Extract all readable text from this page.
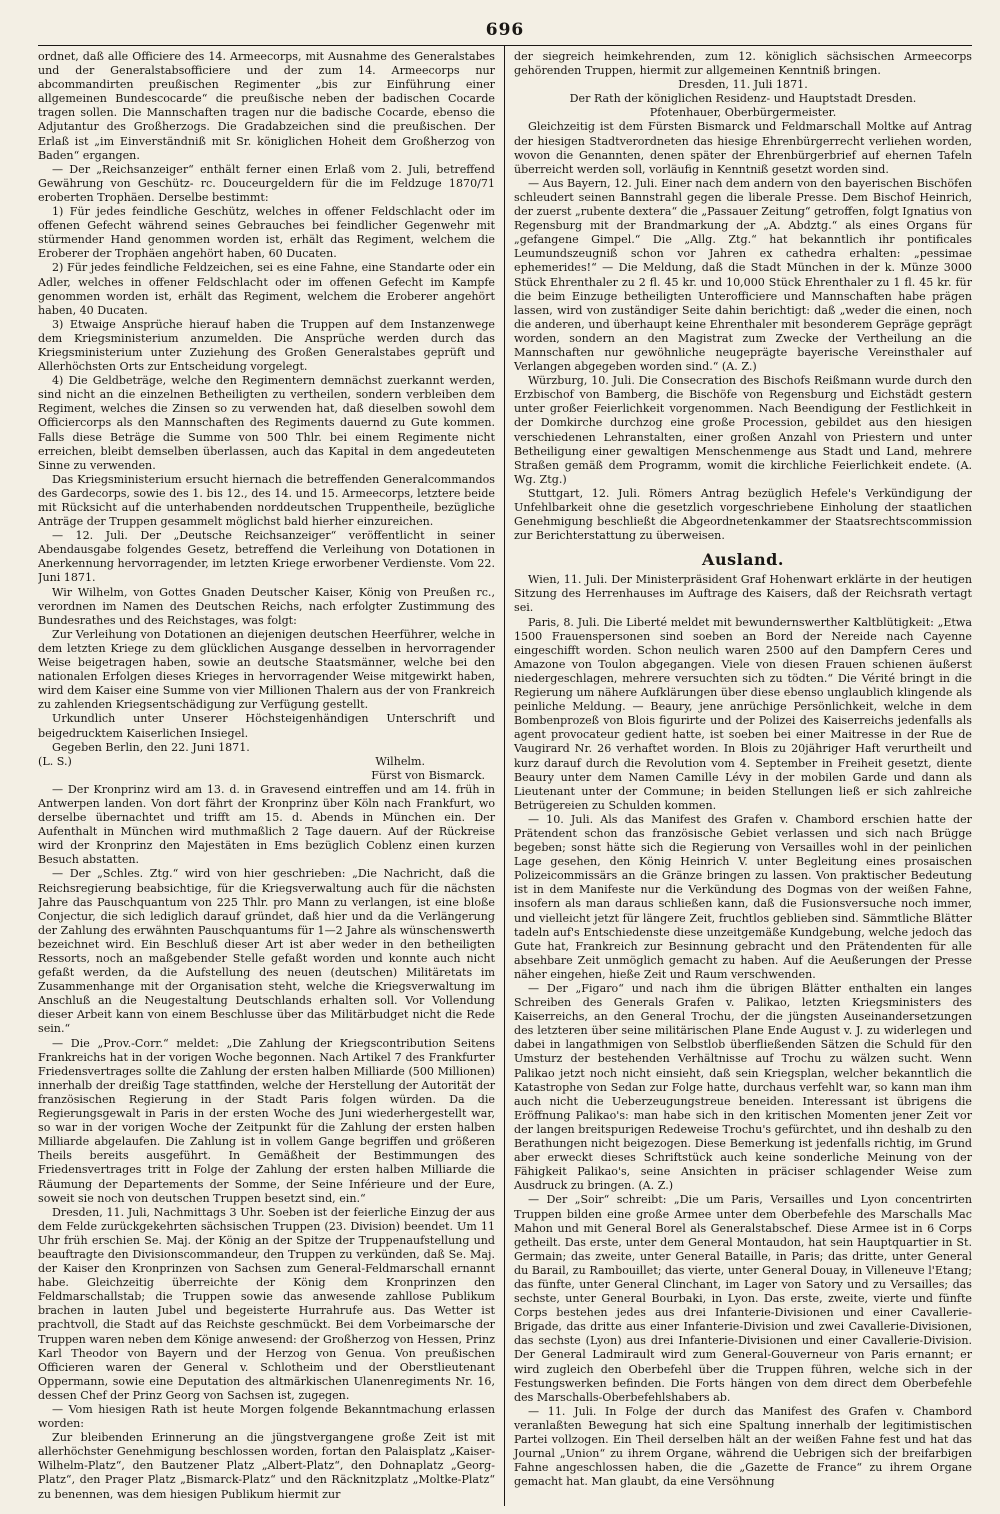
696

ordnet, daß alle Officiere des 14. Armeecorps, mit Ausnahme des Generalstabes und der Generalstabsofficiere und der zum 14. Armeecorps nur abcommandirten preußischen Regimenter „bis zur Einführung einer allgemeinen Bundescocarde“ die preußische neben der badischen Cocarde tragen sollen. Die Mannschaften tragen nur die badische Cocarde, ebenso die Adjutantur des Großherzogs. Die Gradabzeichen sind die preußischen. Der Erlaß ist „im Einverständniß mit Sr. königlichen Hoheit dem Großherzog von Baden“ ergangen.

— Der „Reichsanzeiger“ enthält ferner einen Erlaß vom 2. Juli, betreffend Gewährung von Geschütz- rc. Douceurgeldern für die im Feldzuge 1870/71 eroberten Trophäen. Derselbe bestimmt:

1) Für jedes feindliche Geschütz, welches in offener Feldschlacht oder im offenen Gefecht während seines Gebrauches bei feindlicher Gegenwehr mit stürmender Hand genommen worden ist, erhält das Regiment, welchem die Eroberer der Trophäen angehört haben, 60 Ducaten.

2) Für jedes feindliche Feldzeichen, sei es eine Fahne, eine Standarte oder ein Adler, welches in offener Feldschlacht oder im offenen Gefecht im Kampfe genommen worden ist, erhält das Regiment, welchem die Eroberer angehört haben, 40 Ducaten.

3) Etwaige Ansprüche hierauf haben die Truppen auf dem Instanzenwege dem Kriegsministerium anzumelden. Die Ansprüche werden durch das Kriegsministerium unter Zuziehung des Großen Generalstabes geprüft und Allerhöchsten Orts zur Entscheidung vorgelegt.

4) Die Geldbeträge, welche den Regimentern demnächst zuerkannt werden, sind nicht an die einzelnen Betheiligten zu vertheilen, sondern verbleiben dem Regiment, welches die Zinsen so zu verwenden hat, daß dieselben sowohl dem Officiercorps als den Mannschaften des Regiments dauernd zu Gute kommen. Falls diese Beträge die Summe von 500 Thlr. bei einem Regimente nicht erreichen, bleibt demselben überlassen, auch das Kapital in dem angedeuteten Sinne zu verwenden.

Das Kriegsministerium ersucht hiernach die betreffenden Generalcommandos des Gardecorps, sowie des 1. bis 12., des 14. und 15. Armeecorps, letztere beide mit Rücksicht auf die unterhabenden norddeutschen Truppentheile, bezügliche Anträge der Truppen gesammelt möglichst bald hierher einzureichen.

— 12. Juli. Der „Deutsche Reichsanzeiger“ veröffentlicht in seiner Abendausgabe folgendes Gesetz, betreffend die Verleihung von Dotationen in Anerkennung hervorragender, im letzten Kriege erworbener Verdienste. Vom 22. Juni 1871.

Wir Wilhelm, von Gottes Gnaden Deutscher Kaiser, König von Preußen rc., verordnen im Namen des Deutschen Reichs, nach erfolgter Zustimmung des Bundesrathes und des Reichstages, was folgt:

Zur Verleihung von Dotationen an diejenigen deutschen Heerführer, welche in dem letzten Kriege zu dem glücklichen Ausgange desselben in hervorragender Weise beigetragen haben, sowie an deutsche Staatsmänner, welche bei den nationalen Erfolgen dieses Krieges in hervorragender Weise mitgewirkt haben, wird dem Kaiser eine Summe von vier Millionen Thalern aus der von Frankreich zu zahlenden Kriegsentschädigung zur Verfügung gestellt.

Urkundlich unter Unserer Höchsteigenhändigen Unterschrift und beigedrucktem Kaiserlichen Insiegel.

Gegeben Berlin, den 22. Juni 1871.

(L. S.)	Wilhelm.

Fürst von Bismarck.

— Der Kronprinz wird am 13. d. in Gravesend eintreffen und am 14. früh in Antwerpen landen. Von dort fährt der Kronprinz über Köln nach Frankfurt, wo derselbe übernachtet und trifft am 15. d. Abends in München ein. Der Aufenthalt in München wird muthmaßlich 2 Tage dauern. Auf der Rückreise wird der Kronprinz den Majestäten in Ems bezüglich Coblenz einen kurzen Besuch abstatten.

— Der „Schles. Ztg.“ wird von hier geschrieben: „Die Nachricht, daß die Reichsregierung beabsichtige, für die Kriegsverwaltung auch für die nächsten Jahre das Pauschquantum von 225 Thlr. pro Mann zu verlangen, ist eine bloße Conjectur, die sich lediglich darauf gründet, daß hier und da die Verlängerung der Zahlung des erwähnten Pauschquantums für 1—2 Jahre als wünschenswerth bezeichnet wird. Ein Beschluß dieser Art ist aber weder in den betheiligten Ressorts, noch an maßgebender Stelle gefaßt worden und konnte auch nicht gefaßt werden, da die Aufstellung des neuen (deutschen) Militäretats im Zusammenhange mit der Organisation steht, welche die Kriegsverwaltung im Anschluß an die Neugestaltung Deutschlands erhalten soll. Vor Vollendung dieser Arbeit kann von einem Beschlusse über das Militärbudget nicht die Rede sein.“

— Die „Prov.-Corr.“ meldet: „Die Zahlung der Kriegscontribution Seitens Frankreichs hat in der vorigen Woche begonnen. Nach Artikel 7 des Frankfurter Friedensvertrages sollte die Zahlung der ersten halben Milliarde (500 Millionen) innerhalb der dreißig Tage stattfinden, welche der Herstellung der Autorität der französischen Regierung in der Stadt Paris folgen würden. Da die Regierungsgewalt in Paris in der ersten Woche des Juni wiederhergestellt war, so war in der vorigen Woche der Zeitpunkt für die Zahlung der ersten halben Milliarde abgelaufen. Die Zahlung ist in vollem Gange begriffen und größeren Theils bereits ausgeführt. In Gemäßheit der Bestimmungen des Friedensvertrages tritt in Folge der Zahlung der ersten halben Milliarde die Räumung der Departements der Somme, der Seine Inférieure und der Eure, soweit sie noch von deutschen Truppen besetzt sind, ein.“

Dresden, 11. Juli, Nachmittags 3 Uhr. Soeben ist der feierliche Einzug der aus dem Felde zurückgekehrten sächsischen Truppen (23. Division) beendet. Um 11 Uhr früh erschien Se. Maj. der König an der Spitze der Truppenaufstellung und beauftragte den Divisionscommandeur, den Truppen zu verkünden, daß Se. Maj. der Kaiser den Kronprinzen von Sachsen zum General-Feldmarschall ernannt habe. Gleichzeitig überreichte der König dem Kronprinzen den Feldmarschallstab; die Truppen sowie das anwesende zahllose Publikum brachen in lauten Jubel und begeisterte Hurrahrufe aus. Das Wetter ist prachtvoll, die Stadt auf das Reichste geschmückt. Bei dem Vorbeimarsche der Truppen waren neben dem Könige anwesend: der Großherzog von Hessen, Prinz Karl Theodor von Bayern und der Herzog von Genua. Von preußischen Officieren waren der General v. Schlotheim und der Oberstlieutenant Oppermann, sowie eine Deputation des altmärkischen Ulanenregiments Nr. 16, dessen Chef der Prinz Georg von Sachsen ist, zugegen.

— Vom hiesigen Rath ist heute Morgen folgende Bekanntmachung erlassen worden:

Zur bleibenden Erinnerung an die jüngstvergangene große Zeit ist mit allerhöchster Genehmigung beschlossen worden, fortan den Palaisplatz „Kaiser-Wilhelm-Platz“, den Bautzener Platz „Albert-Platz“, den Dohnaplatz „Georg-Platz“, den Prager Platz „Bismarck-Platz“ und den Räcknitzplatz „Moltke-Platz“ zu benennen, was dem hiesigen Publikum hiermit zur

der siegreich heimkehrenden, zum 12. königlich sächsischen Armeecorps gehörenden Truppen, hiermit zur allgemeinen Kenntniß bringen.

Dresden, 11. Juli 1871.

Der Rath der königlichen Residenz- und Hauptstadt Dresden.

Pfotenhauer, Oberbürgermeister.

Gleichzeitig ist dem Fürsten Bismarck und Feldmarschall Moltke auf Antrag der hiesigen Stadtverordneten das hiesige Ehrenbürgerrecht verliehen worden, wovon die Genannten, denen später der Ehrenbürgerbrief auf ehernen Tafeln überreicht werden soll, vorläufig in Kenntniß gesetzt worden sind.

— Aus Bayern, 12. Juli. Einer nach dem andern von den bayerischen Bischöfen schleudert seinen Bannstrahl gegen die liberale Presse. Dem Bischof Heinrich, der zuerst „rubente dextera“ die „Passauer Zeitung“ getroffen, folgt Ignatius von Regensburg mit der Brandmarkung der „A. Abdztg.“ als eines Organs für „gefangene Gimpel.“ Die „Allg. Ztg.“ hat bekanntlich ihr pontificales Leumundszeugniß schon vor Jahren ex cathedra erhalten: „pessimae ephemerides!“ — Die Meldung, daß die Stadt München in der k. Münze 3000 Stück Ehrenthaler zu 2 fl. 45 kr. und 10,000 Stück Ehrenthaler zu 1 fl. 45 kr. für die beim Einzuge betheiligten Unterofficiere und Mannschaften habe prägen lassen, wird von zuständiger Seite dahin berichtigt: daß „weder die einen, noch die anderen, und überhaupt keine Ehrenthaler mit besonderem Gepräge geprägt worden, sondern an den Magistrat zum Zwecke der Vertheilung an die Mannschaften nur gewöhnliche neugeprägte bayerische Vereinsthaler auf Verlangen abgegeben worden sind.“ (A. Z.)

Würzburg, 10. Juli. Die Consecration des Bischofs Reißmann wurde durch den Erzbischof von Bamberg, die Bischöfe von Regensburg und Eichstädt gestern unter großer Feierlichkeit vorgenommen. Nach Beendigung der Festlichkeit in der Domkirche durchzog eine große Procession, gebildet aus den hiesigen verschiedenen Lehranstalten, einer großen Anzahl von Priestern und unter Betheiligung einer gewaltigen Menschenmenge aus Stadt und Land, mehrere Straßen gemäß dem Programm, womit die kirchliche Feierlichkeit endete. (A. Wg. Ztg.)

Stuttgart, 12. Juli. Römers Antrag bezüglich Hefele's Verkündigung der Unfehlbarkeit ohne die gesetzlich vorgeschriebene Einholung der staatlichen Genehmigung beschließt die Abgeordnetenkammer der Staatsrechtscommission zur Berichterstattung zu überweisen.

Ausland.

Wien, 11. Juli. Der Ministerpräsident Graf Hohenwart erklärte in der heutigen Sitzung des Herrenhauses im Auftrage des Kaisers, daß der Reichsrath vertagt sei.

Paris, 8. Juli. Die Liberté meldet mit bewundernswerther Kaltblütigkeit: „Etwa 1500 Frauenspersonen sind soeben an Bord der Nereide nach Cayenne eingeschifft worden. Schon neulich waren 2500 auf den Dampfern Ceres und Amazone von Toulon abgegangen. Viele von diesen Frauen schienen äußerst niedergeschlagen, mehrere versuchten sich zu tödten.“ Die Vérité bringt in die Regierung um nähere Aufklärungen über diese ebenso unglaublich klingende als peinliche Meldung. — Beaury, jene anrüchige Persönlichkeit, welche in dem Bombenprozeß von Blois figurirte und der Polizei des Kaiserreichs jedenfalls als agent provocateur gedient hatte, ist soeben bei einer Maitresse in der Rue de Vaugirard Nr. 26 verhaftet worden. In Blois zu 20jähriger Haft verurtheilt und kurz darauf durch die Revolution vom 4. September in Freiheit gesetzt, diente Beaury unter dem Namen Camille Lévy in der mobilen Garde und dann als Lieutenant unter der Commune; in beiden Stellungen ließ er sich zahlreiche Betrügereien zu Schulden kommen.

— 10. Juli. Als das Manifest des Grafen v. Chambord erschien hatte der Prätendent schon das französische Gebiet verlassen und sich nach Brügge begeben; sonst hätte sich die Regierung von Versailles wohl in der peinlichen Lage gesehen, den König Heinrich V. unter Begleitung eines prosaischen Polizeicommissärs an die Gränze bringen zu lassen. Von praktischer Bedeutung ist in dem Manifeste nur die Verkündung des Dogmas von der weißen Fahne, insofern als man daraus schließen kann, daß die Fusionsversuche noch immer, und vielleicht jetzt für längere Zeit, fruchtlos geblieben sind. Sämmtliche Blätter tadeln auf's Entschiedenste diese unzeitgemäße Kundgebung, welche jedoch das Gute hat, Frankreich zur Besinnung gebracht und den Prätendenten für alle absehbare Zeit unmöglich gemacht zu haben. Auf die Aeußerungen der Presse näher eingehen, hieße Zeit und Raum verschwenden.

— Der „Figaro“ und nach ihm die übrigen Blätter enthalten ein langes Schreiben des Generals Grafen v. Palikao, letzten Kriegsministers des Kaiserreichs, an den General Trochu, der die jüngsten Auseinandersetzungen des letzteren über seine militärischen Plane Ende August v. J. zu widerlegen und dabei in langathmigen von Selbstlob überfließenden Sätzen die Schuld für den Umsturz der bestehenden Verhältnisse auf Trochu zu wälzen sucht. Wenn Palikao jetzt noch nicht einsieht, daß sein Kriegsplan, welcher bekanntlich die Katastrophe von Sedan zur Folge hatte, durchaus verfehlt war, so kann man ihm auch nicht die Ueberzeugungstreue beneiden. Interessant ist übrigens die Eröffnung Palikao's: man habe sich in den kritischen Momenten jener Zeit vor der langen breitspurigen Redeweise Trochu's gefürchtet, und ihn deshalb zu den Berathungen nicht beigezogen. Diese Bemerkung ist jedenfalls richtig, im Grund aber erweckt dieses Schriftstück auch keine sonderliche Meinung von der Fähigkeit Palikao's, seine Ansichten in präciser schlagender Weise zum Ausdruck zu bringen. (A. Z.)

— Der „Soir“ schreibt: „Die um Paris, Versailles und Lyon concentrirten Truppen bilden eine große Armee unter dem Oberbefehle des Marschalls Mac Mahon und mit General Borel als Generalstabschef. Diese Armee ist in 6 Corps getheilt. Das erste, unter dem General Montaudon, hat sein Hauptquartier in St. Germain; das zweite, unter General Bataille, in Paris; das dritte, unter General du Barail, zu Rambouillet; das vierte, unter General Douay, in Villeneuve l'Etang; das fünfte, unter General Clinchant, im Lager von Satory und zu Versailles; das sechste, unter General Bourbaki, in Lyon. Das erste, zweite, vierte und fünfte Corps bestehen jedes aus drei Infanterie-Divisionen und einer Cavallerie-Brigade, das dritte aus einer Infanterie-Division und zwei Cavallerie-Divisionen, das sechste (Lyon) aus drei Infanterie-Divisionen und einer Cavallerie-Division. Der General Ladmirault wird zum General-Gouverneur von Paris ernannt; er wird zugleich den Oberbefehl über die Truppen führen, welche sich in der Festungswerken befinden. Die Forts hängen von dem direct dem Oberbefehle des Marschalls-Oberbefehlshabers ab.

— 11. Juli. In Folge der durch das Manifest des Grafen v. Chambord veranlaßten Bewegung hat sich eine Spaltung innerhalb der legitimistischen Partei vollzogen. Ein Theil derselben hält an der weißen Fahne fest und hat das Journal „Union“ zu ihrem Organe, während die Uebrigen sich der breifarbigen Fahne angeschlossen haben, die die „Gazette de France“ zu ihrem Organe gemacht hat. Man glaubt, da eine Versöhnung
